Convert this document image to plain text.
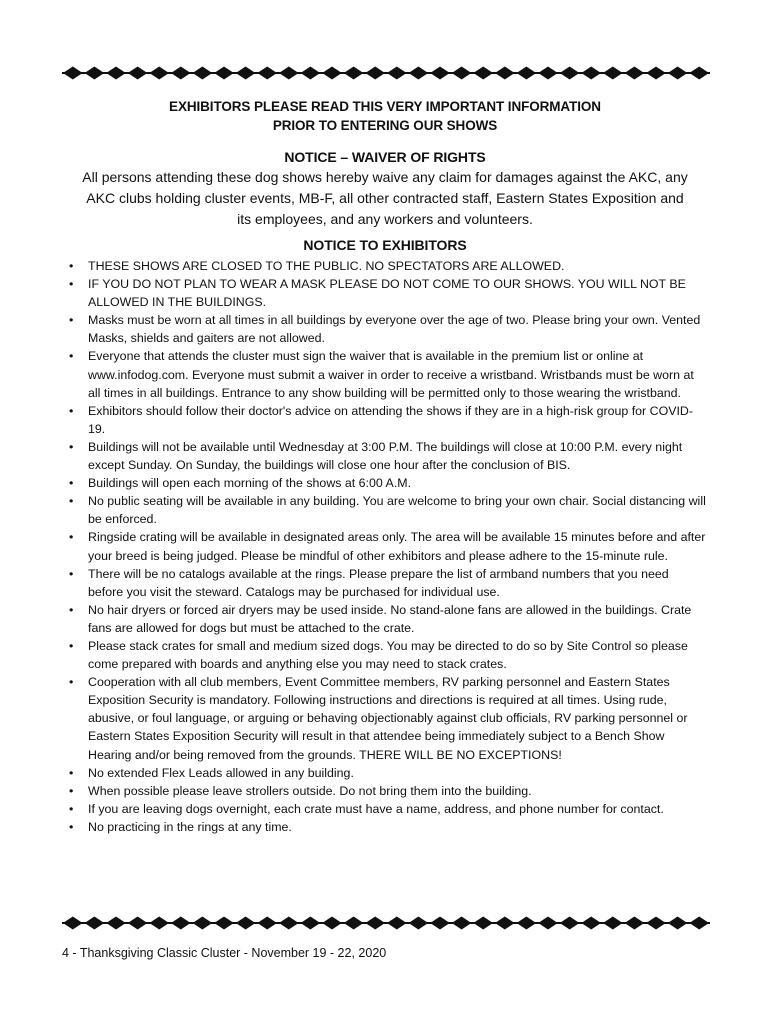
EXHIBITORS PLEASE READ THIS VERY IMPORTANT INFORMATION
PRIOR TO ENTERING OUR SHOWS
NOTICE – WAIVER OF RIGHTS
All persons attending these dog shows hereby waive any claim for damages against the AKC, any AKC clubs holding cluster events, MB-F, all other contracted staff, Eastern States Exposition and its employees, and any workers and volunteers.
NOTICE TO EXHIBITORS
• THESE SHOWS ARE CLOSED TO THE PUBLIC. NO SPECTATORS ARE ALLOWED.
• IF YOU DO NOT PLAN TO WEAR A MASK PLEASE DO NOT COME TO OUR SHOWS. YOU WILL NOT BE ALLOWED IN THE BUILDINGS.
• Masks must be worn at all times in all buildings by everyone over the age of two. Please bring your own. Vented Masks, shields and gaiters are not allowed.
• Everyone that attends the cluster must sign the waiver that is available in the premium list or online at www.infodog.com. Everyone must submit a waiver in order to receive a wristband. Wristbands must be worn at all times in all buildings. Entrance to any show building will be permitted only to those wearing the wristband.
• Exhibitors should follow their doctor's advice on attending the shows if they are in a high-risk group for COVID-19.
• Buildings will not be available until Wednesday at 3:00 P.M. The buildings will close at 10:00 P.M. every night except Sunday. On Sunday, the buildings will close one hour after the conclusion of BIS.
• Buildings will open each morning of the shows at 6:00 A.M.
• No public seating will be available in any building. You are welcome to bring your own chair. Social distancing will be enforced.
• Ringside crating will be available in designated areas only. The area will be available 15 minutes before and after your breed is being judged. Please be mindful of other exhibitors and please adhere to the 15-minute rule.
• There will be no catalogs available at the rings. Please prepare the list of armband numbers that you need before you visit the steward. Catalogs may be purchased for individual use.
• No hair dryers or forced air dryers may be used inside. No stand-alone fans are allowed in the buildings. Crate fans are allowed for dogs but must be attached to the crate.
• Please stack crates for small and medium sized dogs. You may be directed to do so by Site Control so please come prepared with boards and anything else you may need to stack crates.
• Cooperation with all club members, Event Committee members, RV parking personnel and Eastern States Exposition Security is mandatory. Following instructions and directions is required at all times. Using rude, abusive, or foul language, or arguing or behaving objectionably against club officials, RV parking personnel or Eastern States Exposition Security will result in that attendee being immediately subject to a Bench Show Hearing and/or being removed from the grounds. THERE WILL BE NO EXCEPTIONS!
• No extended Flex Leads allowed in any building.
• When possible please leave strollers outside. Do not bring them into the building.
• If you are leaving dogs overnight, each crate must have a name, address, and phone number for contact.
• No practicing in the rings at any time.
4 - Thanksgiving Classic Cluster - November 19 - 22, 2020
